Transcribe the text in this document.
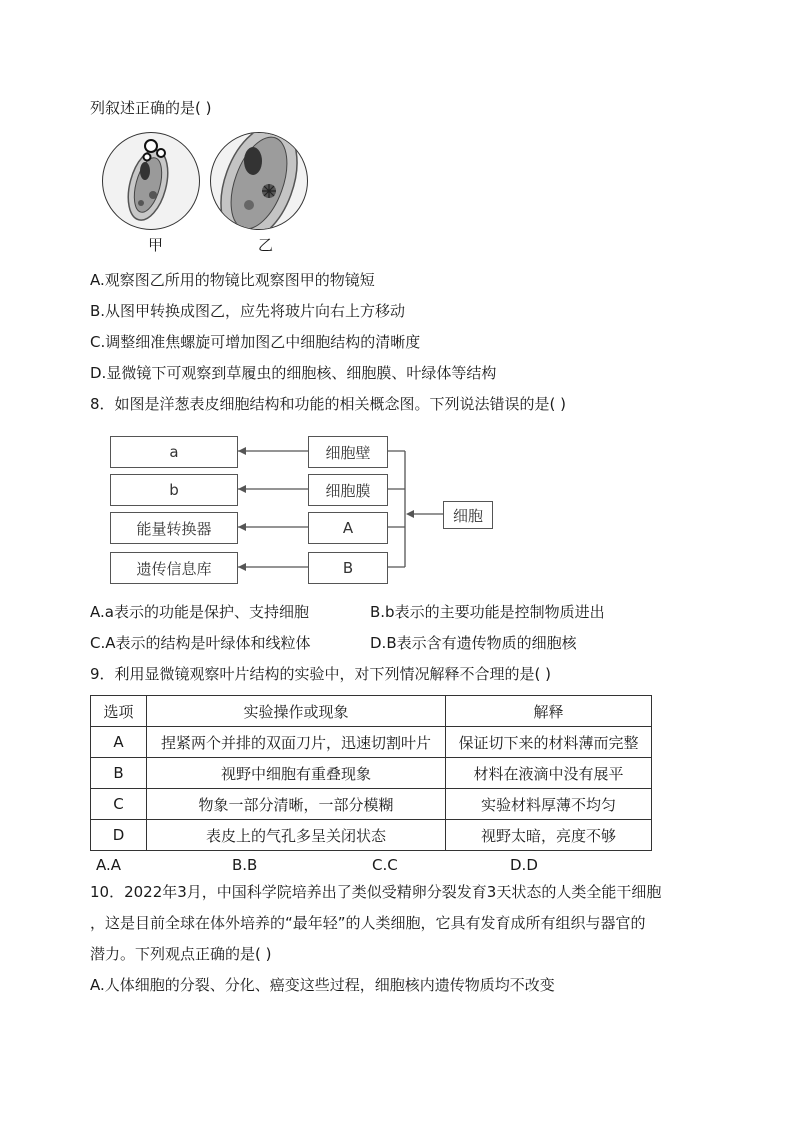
列叙述正确的是( )
甲	乙
A.观察图乙所用的物镜比观察图甲的物镜短
B.从图甲转换成图乙，应先将玻片向右上方移动
C.调整细准焦螺旋可增加图乙中细胞结构的清晰度
D.显微镜下可观察到草履虫的细胞核、细胞膜、叶绿体等结构
8．如图是洋葱表皮细胞结构和功能的相关概念图。下列说法错误的是( )
a
b
能量转换器
遗传信息库
细胞壁
细胞膜
A
B
细胞
A.a表示的功能是保护、支持细胞	B.b表示的主要功能是控制物质进出
C.A表示的结构是叶绿体和线粒体	D.B表示含有遗传物质的细胞核
9．利用显微镜观察叶片结构的实验中，对下列情况解释不合理的是( )
选项	实验操作或现象	解释
A	捏紧两个并排的双面刀片，迅速切割叶片	保证切下来的材料薄而完整
B	视野中细胞有重叠现象	材料在液滴中没有展平
C	物象一部分清晰，一部分模糊	实验材料厚薄不均匀
D	表皮上的气孔多呈关闭状态	视野太暗，亮度不够
A.A	B.B	C.C	D.D
10．2022年3月，中国科学院培养出了类似受精卵分裂发育3天状态的人类全能干细胞
，这是目前全球在体外培养的“最年轻”的人类细胞，它具有发育成所有组织与器官的
潜力。下列观点正确的是( )
A.人体细胞的分裂、分化、癌变这些过程，细胞核内遗传物质均不改变
